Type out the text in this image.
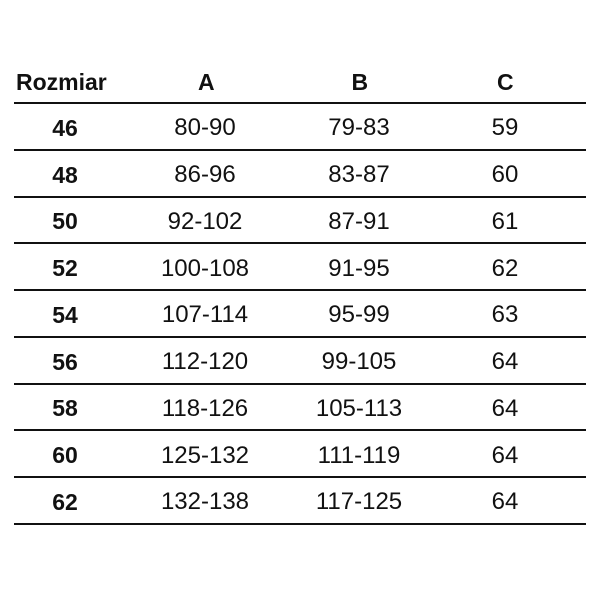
Rozmiar	A	B	C
46	80-90	79-83	59
48	86-96	83-87	60
50	92-102	87-91	61
52	100-108	91-95	62
54	107-114	95-99	63
56	112-120	99-105	64
58	118-126	105-113	64
60	125-132	111-119	64
62	132-138	117-125	64
